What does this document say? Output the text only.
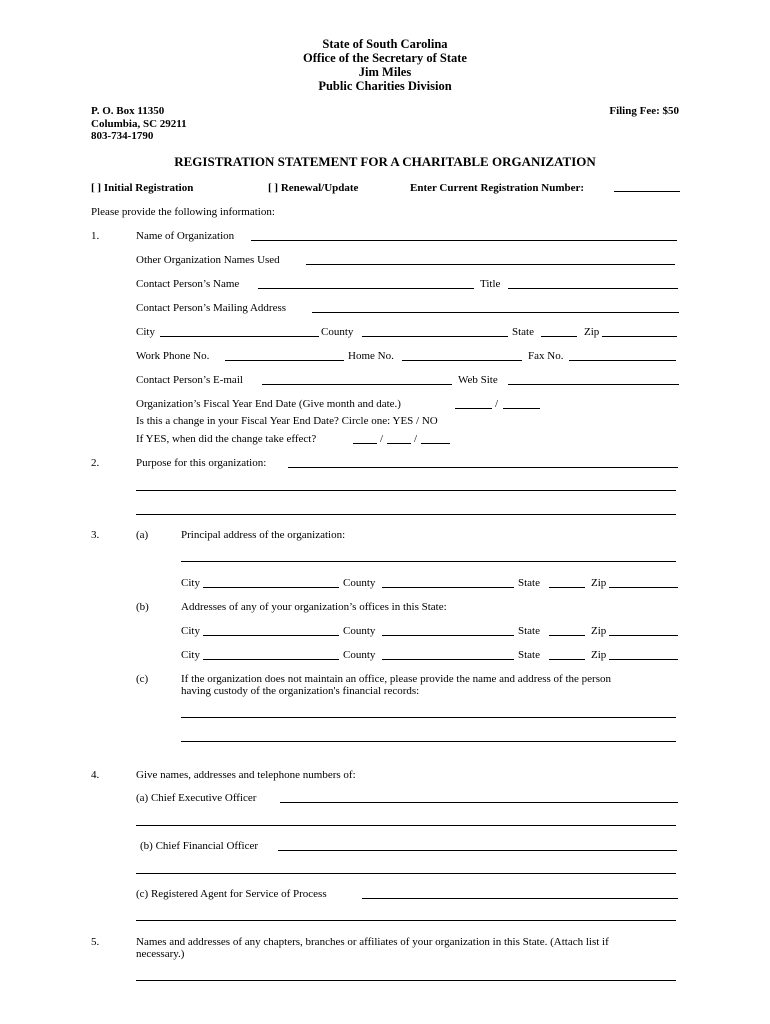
State of South Carolina
Office of the Secretary of State
Jim Miles
Public Charities Division
P. O. Box 11350
Columbia, SC 29211
803-734-1790
Filing Fee: $50
REGISTRATION STATEMENT FOR A CHARITABLE ORGANIZATION
[ ] Initial Registration	[ ] Renewal/Update	Enter Current Registration Number:
Please provide the following information:
1.	Name of Organization
Other Organization Names Used
Contact Person’s Name	Title
Contact Person’s Mailing Address
City	County	State	Zip
Work Phone No.	Home No.	Fax No.
Contact Person’s E-mail	Web Site
Organization’s Fiscal Year End Date (Give month and date.)	/
Is this a change in your Fiscal Year End Date? Circle one: YES / NO
If YES, when did the change take effect?	/	/
2.	Purpose for this organization:
3.	(a)	Principal address of the organization:
City	County	State	Zip
(b)	Addresses of any of your organization’s offices in this State:
City	County	State	Zip
City	County	State	Zip
(c)	If the organization does not maintain an office, please provide the name and address of the person
having custody of the organization's financial records:
4.	Give names, addresses and telephone numbers of:
(a) Chief Executive Officer
(b) Chief Financial Officer
(c) Registered Agent for Service of Process
5.	Names and addresses of any chapters, branches or affiliates of your organization in this State. (Attach list if
necessary.)
